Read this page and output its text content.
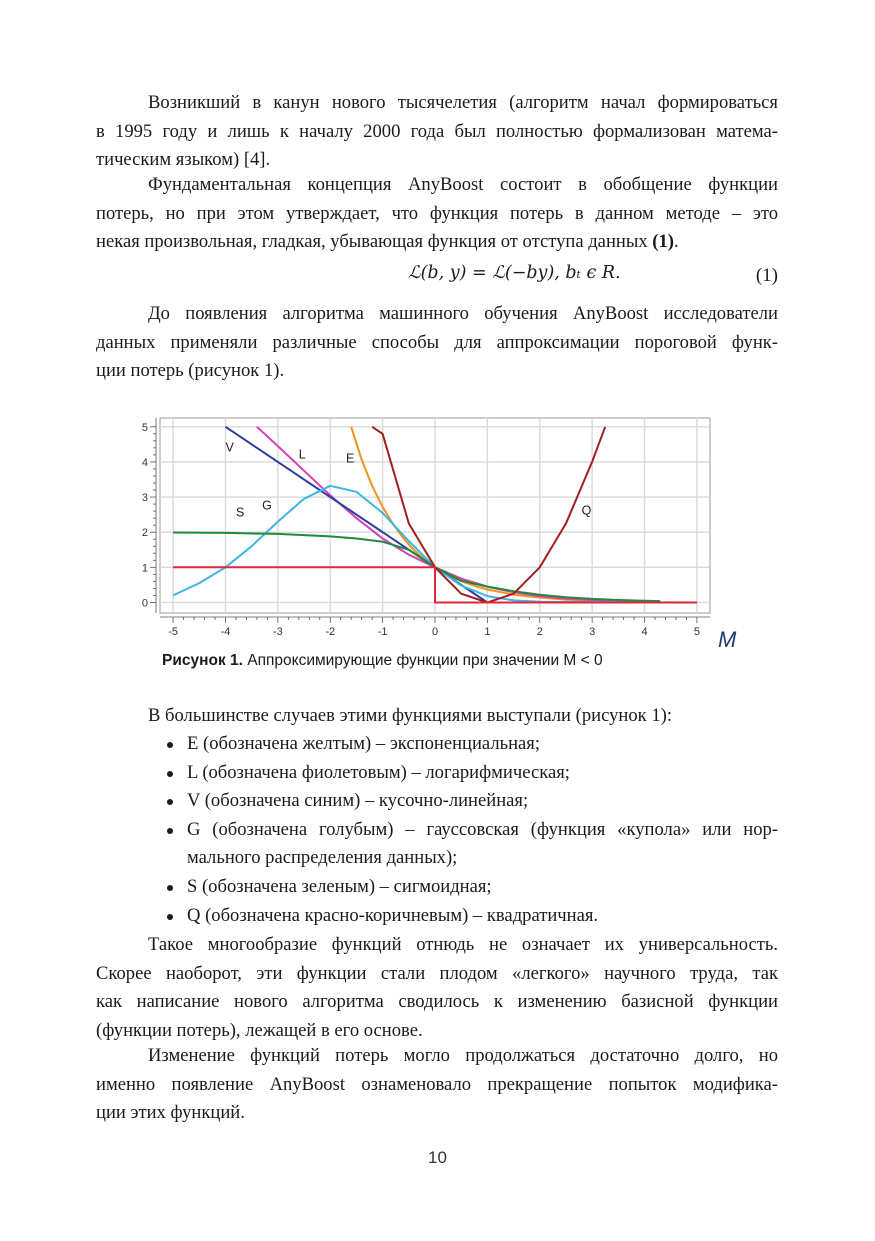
Возникший в канун нового тысячелетия (алгоритм начал формироваться
в 1995 году и лишь к началу 2000 года был полностью формализован матема-
тическим языком) [4].

Фундаментальная концепция AnyBoost состоит в обобщение функции
потерь, но при этом утверждает, что функция потерь в данном методе – это
некая произвольная, гладкая, убывающая функция от отступа данных (1).

ℒ(b, y) = ℒ(−by), bₜ ϵ R.	(1)

До появления алгоритма машинного обучения AnyBoost исследователи
данных применяли различные способы для аппроксимации пороговой функ-
ции потерь (рисунок 1).

-5	-4	-3	-2	-1	0	1	2	3	4	5
0
1
2
3
4
5
V
L	E
G
S	Q
M
Рисунок 1. Аппроксимирующие функции при значении M < 0

В большинстве случаев этими функциями выступали (рисунок 1):

E (обозначена желтым) – экспоненциальная;
L (обозначена фиолетовым) – логарифмическая;
V (обозначена синим) – кусочно-линейная;
G (обозначена голубым) – гауссовская (функция «купола» или нор-
мального распределения данных);
S (обозначена зеленым) – сигмоидная;
Q (обозначена красно-коричневым) – квадратичная.

Такое многообразие функций отнюдь не означает их универсальность.
Скорее наоборот, эти функции стали плодом «легкого» научного труда, так
как написание нового алгоритма сводилось к изменению базисной функции
(функции потерь), лежащей в его основе.

Изменение функций потерь могло продолжаться достаточно долго, но
именно появление AnyBoost ознаменовало прекращение попыток модифика-
ции этих функций.

10
